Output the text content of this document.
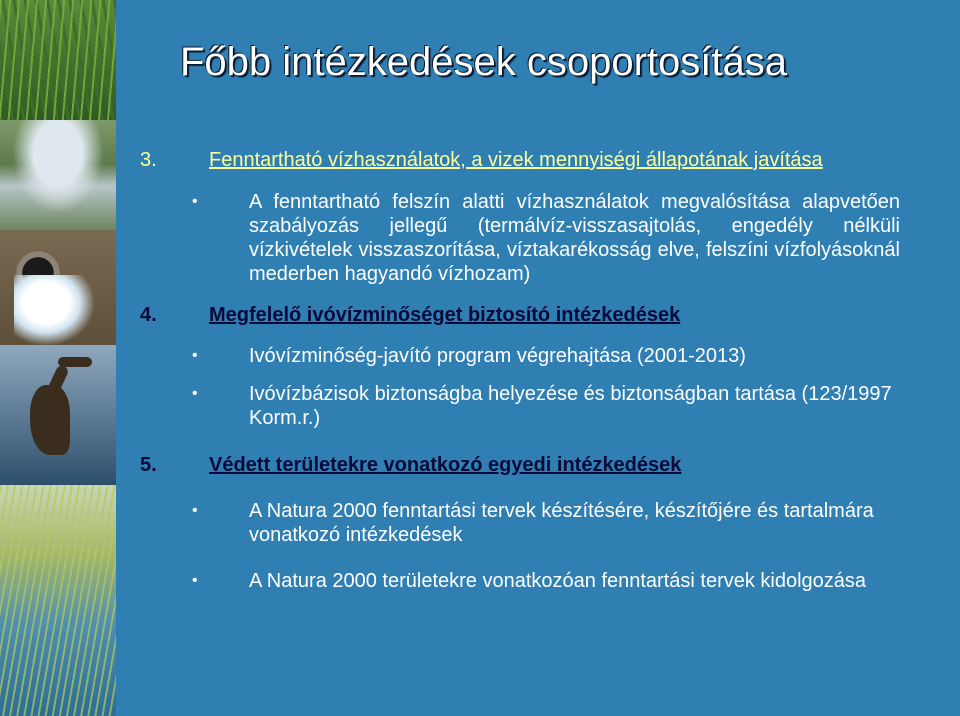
Főbb intézkedések csoportosítása
3.	Fenntartható vízhasználatok, a vizek mennyiségi állapotának javítása
•	A fenntartható felszín alatti vízhasználatok megvalósítása alapvetően szabályozás jellegű (termálvíz-visszasajtolás, engedély nélküli vízkivételek visszaszorítása, víztakarékosság elve, felszíni vízfolyásoknál mederben hagyandó vízhozam)
4.	Megfelelő ivóvízminőséget biztosító intézkedések
•	Ivóvízminőség-javító program végrehajtása (2001-2013)
•	Ivóvízbázisok biztonságba helyezése és biztonságban tartása (123/1997 Korm.r.)
5.	Védett területekre vonatkozó egyedi intézkedések
•	A Natura 2000 fenntartási tervek készítésére, készítőjére és tartalmára vonatkozó intézkedések
•	A Natura 2000 területekre vonatkozóan fenntartási tervek kidolgozása
